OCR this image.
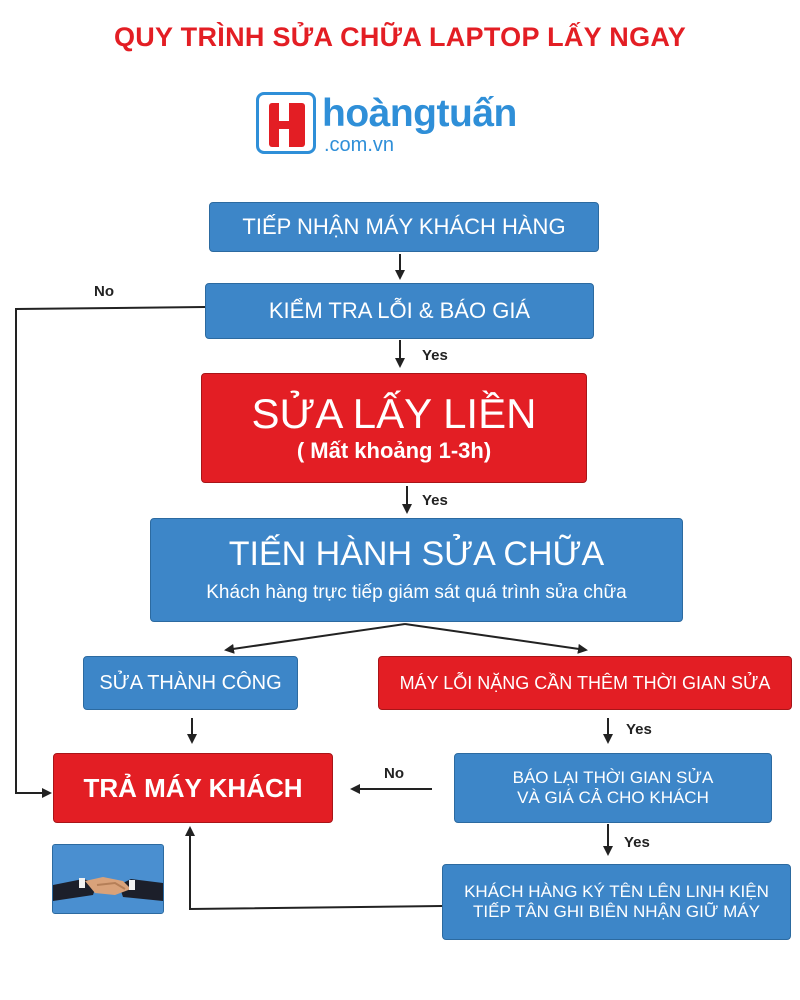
QUY TRÌNH SỬA CHỮA LAPTOP LẤY NGAY
hoàngtuấn
.com.vn
TIẾP NHẬN MÁY KHÁCH HÀNG
KIỂM TRA LỖI & BÁO GIÁ
SỬA LẤY LIỀN
( Mất khoảng 1-3h)
TIẾN HÀNH SỬA CHỮA
Khách hàng trực tiếp giám sát quá trình sửa chữa
SỬA THÀNH CÔNG	MÁY LỖI NẶNG CẦN THÊM THỜI GIAN SỬA
TRẢ MÁY KHÁCH	BÁO LẠI THỜI GIAN SỬA
VÀ GIÁ CẢ CHO KHÁCH
KHÁCH HÀNG KÝ TÊN LÊN LINH KIỆN
TIẾP TÂN GHI BIÊN NHẬN GIỮ MÁY
No
Yes
Yes
Yes
No
Yes
